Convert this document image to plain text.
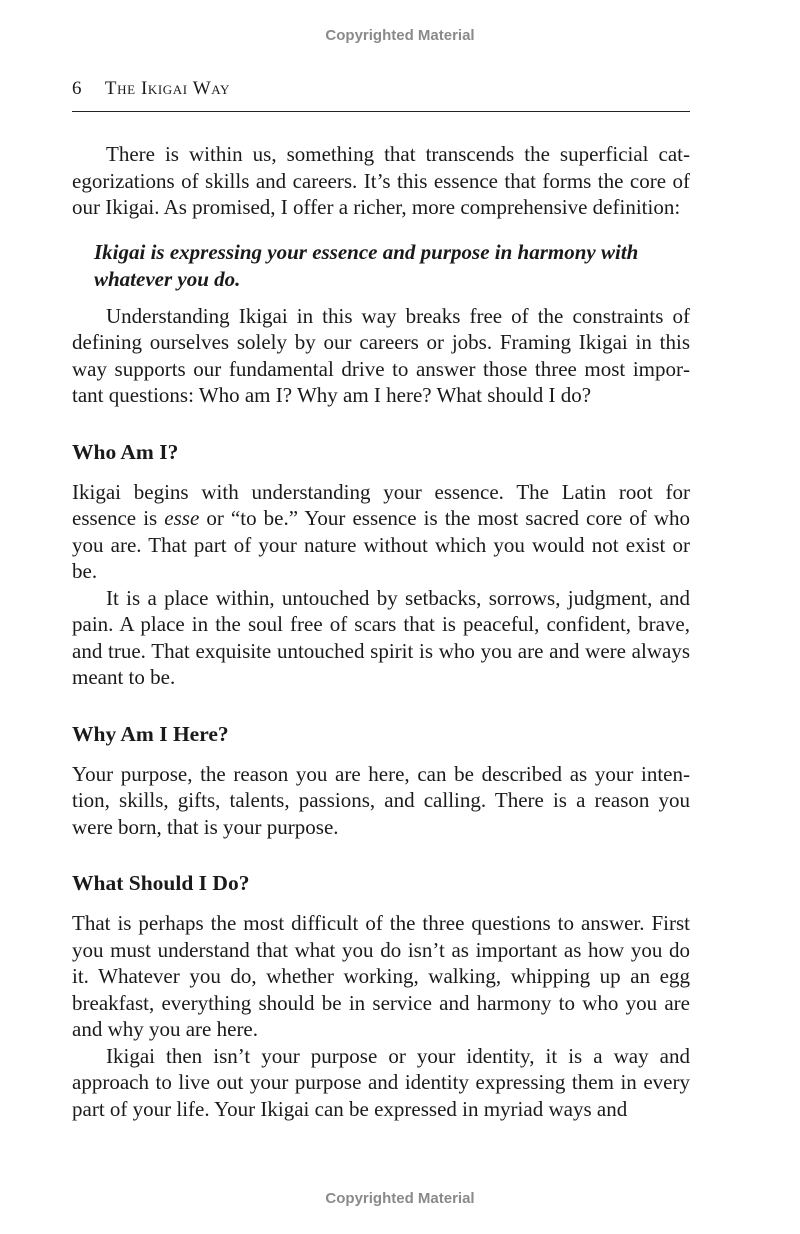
Copyrighted Material
6 The Ikigai Way

There is within us, something that transcends the superficial categorizations of skills and careers. It’s this essence that forms the core of our Ikigai. As promised, I offer a richer, more comprehensive definition:

Ikigai is expressing your essence and purpose in harmony with whatever you do.

Understanding Ikigai in this way breaks free of the constraints of defining ourselves solely by our careers or jobs. Framing Ikigai in this way supports our fundamental drive to answer those three most important questions: Who am I? Why am I here? What should I do?

Who Am I?

Ikigai begins with understanding your essence. The Latin root for essence is esse or “to be.” Your essence is the most sacred core of who you are. That part of your nature without which you would not exist or be.

It is a place within, untouched by setbacks, sorrows, judgment, and pain. A place in the soul free of scars that is peaceful, confident, brave, and true. That exquisite untouched spirit is who you are and were always meant to be.

Why Am I Here?

Your purpose, the reason you are here, can be described as your intention, skills, gifts, talents, passions, and calling. There is a reason you were born, that is your purpose.

What Should I Do?

That is perhaps the most difficult of the three questions to answer. First you must understand that what you do isn’t as important as how you do it. Whatever you do, whether working, walking, whipping up an egg breakfast, everything should be in service and harmony to who you are and why you are here.

Ikigai then isn’t your purpose or your identity, it is a way and approach to live out your purpose and identity expressing them in every part of your life. Your Ikigai can be expressed in myriad ways and

Copyrighted Material
